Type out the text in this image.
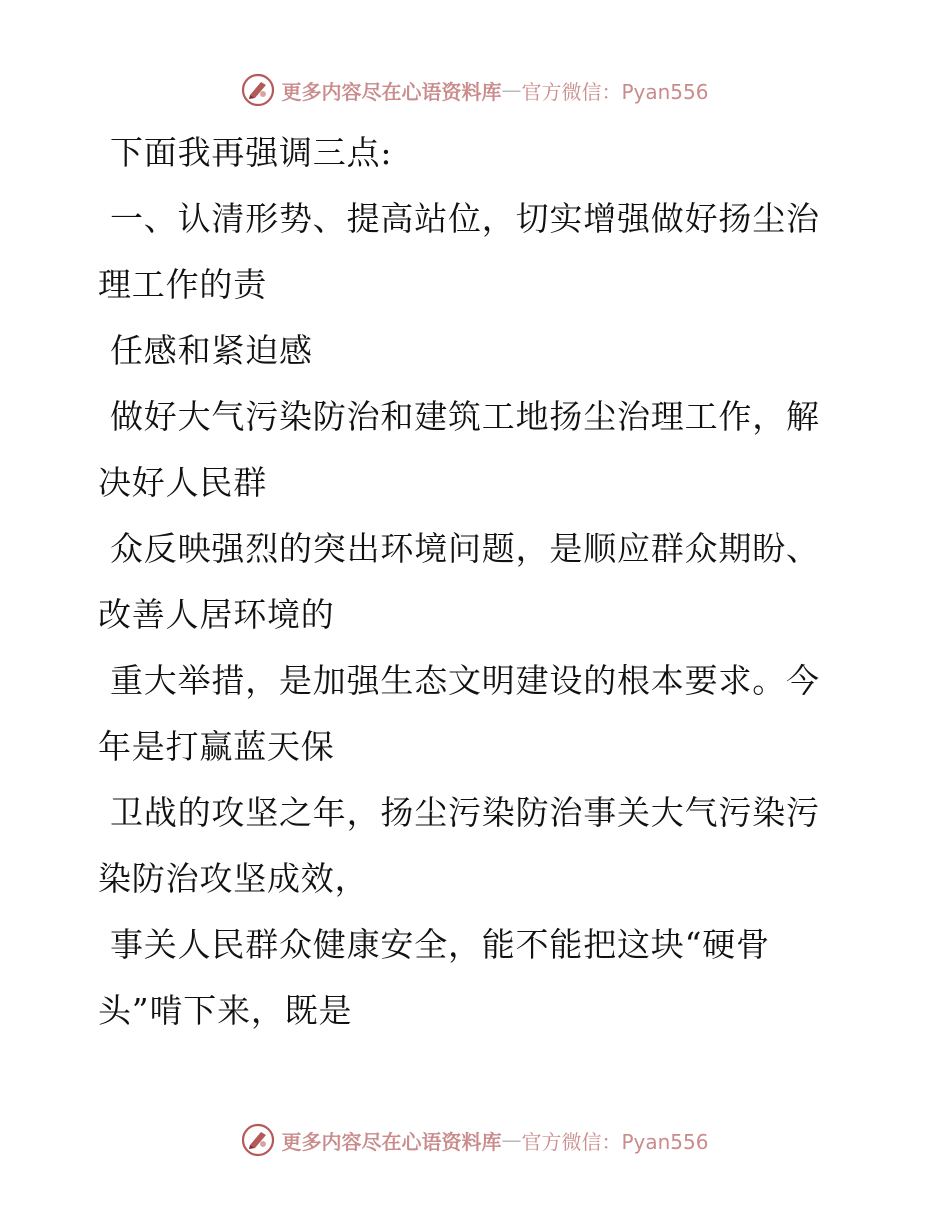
更多内容尽在心语资料库 — 官方微信：Pyan556

下面我再强调三点:

一、认清形势、提高站位，切实增强做好扬尘治
理工作的责

任感和紧迫感

做好大气污染防治和建筑工地扬尘治理工作，解
决好人民群

众反映强烈的突出环境问题，是顺应群众期盼、
改善人居环境的

重大举措，是加强生态文明建设的根本要求。今
年是打赢蓝天保

卫战的攻坚之年，扬尘污染防治事关大气污染污
染防治攻坚成效，

事关人民群众健康安全，能不能把这块“硬骨
头”啃下来，既是

更多内容尽在心语资料库 — 官方微信：Pyan556
